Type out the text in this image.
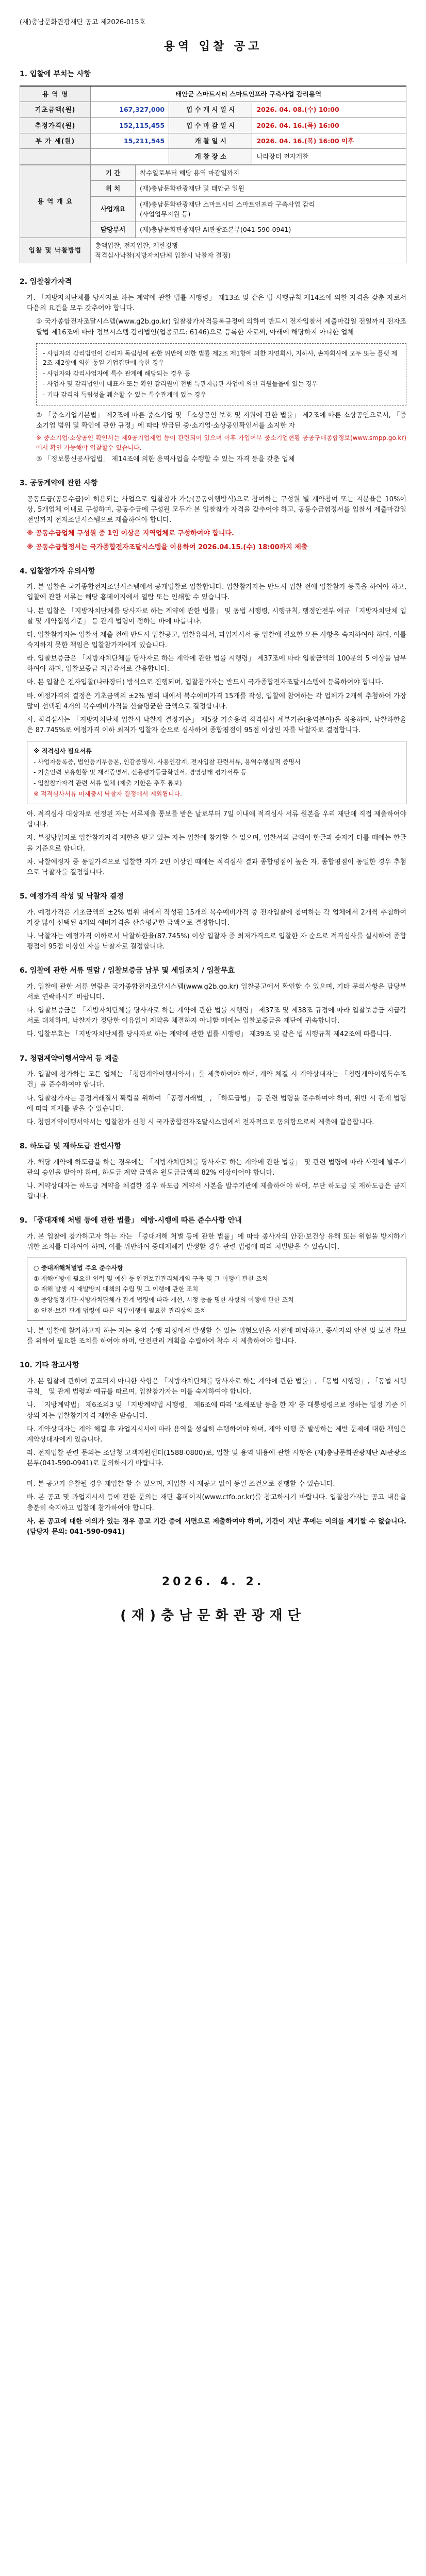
(재)충남문화관광재단 공고 제2026-015호

용역 입찰 공고
1. 입찰에 부치는 사항
용 역 명	태안군 스마트시티 스마트인프라 구축사업 감리용역		
기초금액(원)	167,327,000	입 수 개 시 일 시	2026. 04. 08.(수) 10:00
추정가격(원)	152,115,455	입 수 마 감 일 시	2026. 04. 16.(목) 16:00
부 가 세(원)	15,211,545	개 찰 일 시	2026. 04. 16.(목) 16:00 이후
		개 찰 장 소	나라장터 전자개찰
용 역 개 요	기 간	착수일로부터 해당 용역 마감일까지
	위 치	(재)충남문화관광재단 및 태안군 일원
	사업개요	(재)충남문화관광재단 스마트시티 스마트인프라 구축사업 감리
(사업업무지원 등)
	담당부서	(재)충남문화관광재단 AI관광조본부(041-590-0941)
입찰 및 낙찰방법	총액입찰, 전자입찰, 제한경쟁
적격심사낙찰(지방자치단체 입찰시 낙찰자 결정)	
2. 입찰참가자격

가. 「지방자치단체를 당사자로 하는 계약에 관한 법률 시행령」 제13조 및 같은 법 시행규칙 제14조에 의한 자격을 갖춘 자로서 다음의 요건을 모두 갖추어야 합니다.

① 국가종합전자조달시스템(www.g2b.go.kr) 입찰참가자격등록규정에 의하여 반드시 전자입찰서 제출마감일 전일까지 전자조달법 제16조에 따라 정보시스템 감리법인(업종코드: 6146)으로 등록한 자로써, 아래에 해당하지 아니한 업체

- 사업자의 감리법인이 감리자 독립성에 관한 위반에 의한 법률 제2조 제1항에 의한 자연회사, 지하사, 손자회사에 모두 또는 플랫 제2조 제2항에 의한 동일 기업집단에 속한 경우

- 사업자와 감리사업자에 특수 관계에 해당되는 경우 등

- 사업자 및 감리법인이 대표자 또는 확인 감리원이 전범 특관지급관 사업에 의한 리원들을에 있는 경우

- 기타 감리의 독립성을 훼손할 수 있는 특수관계에 있는 경우

② 「중소기업기본법」 제2조에 따른 중소기업 및 「소상공인 보호 및 지원에 관한 법률」 제2조에 따른 소상공인으로서, 「중소기업 범위 및 확인에 관한 규정」에 따라 발급된 중·소기업·소상공인확인서를 소지한 자

※ 중소기업·소상공인 확인서는 제9공기업제업 등이 관련되어 있으며 이후 가입여부 중소기업현황 공공구매종합정보(www.smpp.go.kr)에서 확인 가능해야 입찰할수 있습니다.

③ 「정보통신공사업법」 제14조에 의한 용역사업을 수행할 수 있는 자격 등을 갖춘 업체

3. 공동계약에 관한 사항

공동도급(공동수급)이 허용되는 사업으로 입찰참가 가능(공동이행방식)으로 참여하는 구성원 별 계약참여 또는 지분율은 10%이상, 5개업체 이내로 구성하며, 공동수급에 구성원 모두가 본 입찰참가 자격을 갖추어야 하고, 공동수급협정서를 입찰서 제출마감일 전일까지 전자조달시스템으로 제출하여야 합니다.

※ 공동수급업체 구성원 중 1인 이상은 지역업체로 구성하여야 합니다.

※ 공동수급협정서는 국가종합전자조달시스템을 이용하여 2026.04.15.(수) 18:00까지 제출

4. 입찰참가자 유의사항

가. 본 입찰은 국가종합전자조달시스템에서 공개입찰로 입찰합니다. 입찰참가자는 반드시 입찰 전에 입찰참가 등록을 하여야 하고, 입찰에 관한 서류는 해당 홈페이지에서 열람 또는 인쇄할 수 있습니다.

나. 본 입찰은 「지방자치단체를 당사자로 하는 계약에 관한 법률」 및 동법 시행령, 시행규칙, 행정안전부 예규 「지방자치단체 입찰 및 계약집행기준」 등 관계 법령이 정하는 바에 따릅니다.

다. 입찰참가자는 입찰서 제출 전에 반드시 입찰공고, 입찰유의서, 과업지시서 등 입찰에 필요한 모든 사항을 숙지하여야 하며, 이를 숙지하지 못한 책임은 입찰참가자에게 있습니다.

라. 입찰보증금은 「지방자치단체를 당사자로 하는 계약에 관한 법률 시행령」 제37조에 따라 입찰금액의 100분의 5 이상을 납부하여야 하며, 입찰보증금 지급각서로 갈음합니다.

마. 본 입찰은 전자입찰(나라장터) 방식으로 진행되며, 입찰참가자는 반드시 국가종합전자조달시스템에 등록하여야 합니다.

바. 예정가격의 결정은 기초금액의 ±2% 범위 내에서 복수예비가격 15개를 작성, 입찰에 참여하는 각 업체가 2개씩 추첨하여 가장 많이 선택된 4개의 복수예비가격을 산술평균한 금액으로 결정합니다.

사. 적격심사는 「지방자치단체 입찰시 낙찰자 결정기준」 제5장 기술용역 적격심사 세부기준(용역분야)을 적용하며, 낙찰하한율은 87.745%로 예정가격 이하 최저가 입찰자 순으로 심사하여 종합평점이 95점 이상인 자를 낙찰자로 결정합니다.

※ 적격심사 필요서류

- 사업자등록증, 법인등기부등본, 인감증명서, 사용인감계, 전자입찰 관련서류, 용역수행실적 증명서

- 기술인력 보유현황 및 재직증명서, 신용평가등급확인서, 경영상태 평가서류 등

- 입찰참가자격 관련 서류 일체 (제출 기한은 추후 통보)

※ 적격심사서류 미제출시 낙찰자 결정에서 제외됩니다.

아. 적격심사 대상자로 선정된 자는 서류제출 통보를 받은 날로부터 7일 이내에 적격심사 서류 원본을 우리 재단에 직접 제출하여야 합니다.

자. 부정당업자로 입찰참가자격 제한을 받고 있는 자는 입찰에 참가할 수 없으며, 입찰서의 금액이 한글과 숫자가 다를 때에는 한글을 기준으로 합니다.

차. 낙찰예정자 중 동일가격으로 입찰한 자가 2인 이상인 때에는 적격심사 결과 종합평점이 높은 자, 종합평점이 동일한 경우 추첨으로 낙찰자를 결정합니다.

5. 예정가격 작성 및 낙찰자 결정

가. 예정가격은 기초금액의 ±2% 범위 내에서 작성된 15개의 복수예비가격 중 전자입찰에 참여하는 각 업체에서 2개씩 추첨하여 가장 많이 선택된 4개의 예비가격을 산술평균한 금액으로 결정합니다.

나. 낙찰자는 예정가격 이하로서 낙찰하한율(87.745%) 이상 입찰자 중 최저가격으로 입찰한 자 순으로 적격심사를 실시하여 종합평점이 95점 이상인 자를 낙찰자로 결정합니다.

6. 입찰에 관한 서류 열람 / 입찰보증금 납부 및 세입조치 / 입찰무효

가. 입찰에 관한 서류 열람은 국가종합전자조달시스템(www.g2b.go.kr) 입찰공고에서 확인할 수 있으며, 기타 문의사항은 담당부서로 연락하시기 바랍니다.

나. 입찰보증금은 「지방자치단체를 당사자로 하는 계약에 관한 법률 시행령」 제37조 및 제38조 규정에 따라 입찰보증금 지급각서로 대체하며, 낙찰자가 정당한 이유없이 계약을 체결하지 아니할 때에는 입찰보증금을 재단에 귀속합니다.

다. 입찰무효는 「지방자치단체를 당사자로 하는 계약에 관한 법률 시행령」 제39조 및 같은 법 시행규칙 제42조에 따릅니다.

7. 청렴계약이행서약서 등 제출

가. 입찰에 참가하는 모든 업체는 「청렴계약이행서약서」를 제출하여야 하며, 계약 체결 시 계약상대자는 「청렴계약이행특수조건」을 준수하여야 합니다.

나. 입찰참가자는 공정거래질서 확립을 위하여 「공정거래법」, 「하도급법」 등 관련 법령을 준수하여야 하며, 위반 시 관계 법령에 따라 제재를 받을 수 있습니다.

다. 청렴계약이행서약서는 입찰참가 신청 시 국가종합전자조달시스템에서 전자적으로 동의함으로써 제출에 갈음합니다.

8. 하도급 및 재하도급 관련사항

가. 해당 계약에 하도급을 하는 경우에는 「지방자치단체를 당사자로 하는 계약에 관한 법률」 및 관련 법령에 따라 사전에 발주기관의 승인을 받아야 하며, 하도급 계약 금액은 원도급금액의 82% 이상이어야 합니다.

나. 계약상대자는 하도급 계약을 체결한 경우 하도급 계약서 사본을 발주기관에 제출하여야 하며, 무단 하도급 및 재하도급은 금지됩니다.

9. 「중대재해 처벌 등에 관한 법률」 예방-시행에 따른 준수사항 안내

가. 본 입찰에 참가하고자 하는 자는 「중대재해 처벌 등에 관한 법률」에 따라 종사자의 안전·보건상 유해 또는 위험을 방지하기 위한 조치를 다하여야 하며, 이를 위반하여 중대재해가 발생할 경우 관련 법령에 따라 처벌받을 수 있습니다.

○ 중대재해처벌법 주요 준수사항

① 재해예방에 필요한 인력 및 예산 등 안전보건관리체계의 구축 및 그 이행에 관한 조치

② 재해 발생 시 재발방지 대책의 수립 및 그 이행에 관한 조치

③ 중앙행정기관·지방자치단체가 관계 법령에 따라 개선, 시정 등을 명한 사항의 이행에 관한 조치

④ 안전·보건 관계 법령에 따른 의무이행에 필요한 관리상의 조치

나. 본 입찰에 참가하고자 하는 자는 용역 수행 과정에서 발생할 수 있는 위험요인을 사전에 파악하고, 종사자의 안전 및 보건 확보를 위하여 필요한 조치를 하여야 하며, 안전관리 계획을 수립하여 착수 시 제출하여야 합니다.

10. 기타 참고사항

가. 본 입찰에 관하여 공고되지 아니한 사항은 「지방자치단체를 당사자로 하는 계약에 관한 법률」, 「동법 시행령」, 「동법 시행규칙」 및 관계 법령과 예규를 따르며, 입찰참가자는 이를 숙지하여야 합니다.

나. 「지방계약법」 제6조의3 및 「지방계약법 시행령」 제6조에 따라 '조세포탈 등을 한 자' 중 대통령령으로 정하는 일정 기준 이상의 자는 입찰참가자격 제한을 받습니다.

다. 계약상대자는 계약 체결 후 과업지시서에 따라 용역을 성실히 수행하여야 하며, 계약 이행 중 발생하는 제반 문제에 대한 책임은 계약상대자에게 있습니다.

라. 전자입찰 관련 문의는 조달청 고객지원센터(1588-0800)로, 입찰 및 용역 내용에 관한 사항은 (재)충남문화관광재단 AI관광조본부(041-590-0941)로 문의하시기 바랍니다.

마. 본 공고가 유찰될 경우 재입찰 할 수 있으며, 재입찰 시 재공고 없이 동일 조건으로 진행할 수 있습니다.

바. 본 공고 및 과업지시서 등에 관한 문의는 재단 홈페이지(www.ctfo.or.kr)를 참고하시기 바랍니다. 입찰참가자는 공고 내용을 충분히 숙지하고 입찰에 참가하여야 합니다.

사. 본 공고에 대한 이의가 있는 경우 공고 기간 중에 서면으로 제출하여야 하며, 기간이 지난 후에는 이의를 제기할 수 없습니다. (담당자 문의: 041-590-0941)

2026. 4. 2.
(재)충남문화관광재단
